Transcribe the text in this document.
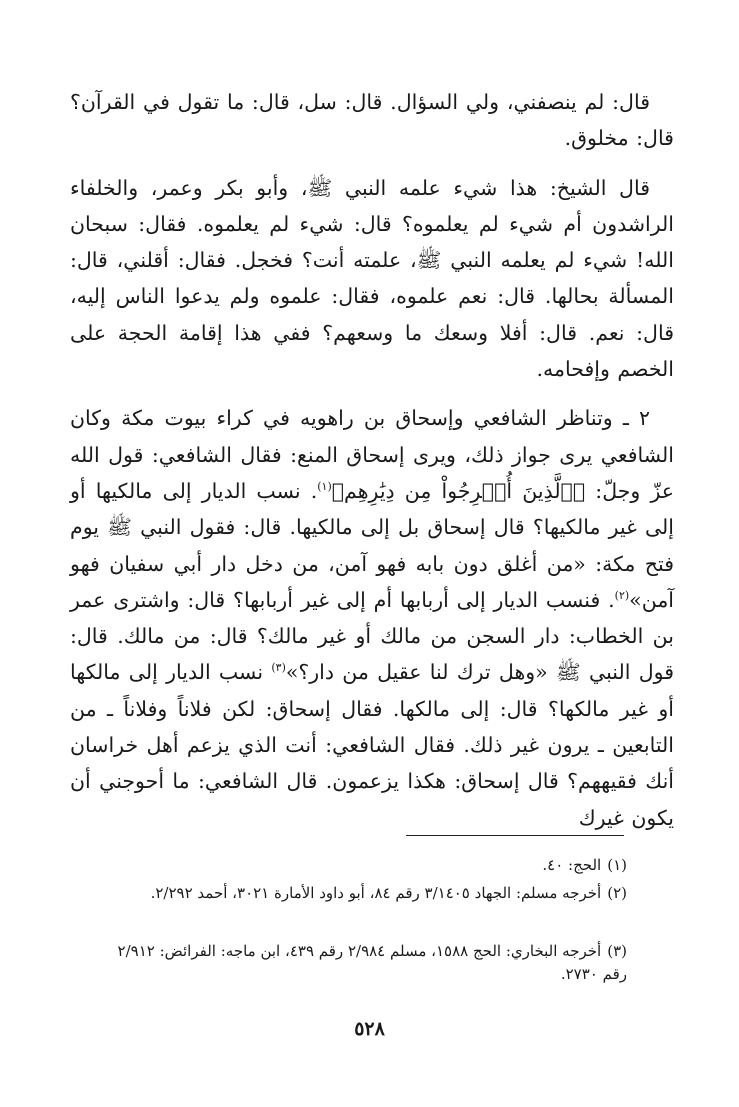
قال: لم ينصفني، ولي السؤال. قال: سل، قال: ما تقول في القرآن؟ قال: مخلوق.

قال الشيخ: هذا شيء علمه النبي ﷺ، وأبو بكر وعمر، والخلفاء الراشدون أم شيء لم يعلموه؟ قال: شيء لم يعلموه. فقال: سبحان الله! شيء لم يعلمه النبي ﷺ، علمته أنت؟ فخجل. فقال: أقلني، قال: المسألة بحالها. قال: نعم علموه، فقال: علموه ولم يدعوا الناس إليه، قال: نعم. قال: أفلا وسعك ما وسعهم؟ ففي هذا إقامة الحجة على الخصم وإفحامه.

٢ ـ وتناظر الشافعي وإسحاق بن راهويه في كراء بيوت مكة وكان الشافعي يرى جواز ذلك، ويرى إسحاق المنع: فقال الشافعي: قول الله عزّ وجلّ: ﴿ٱلَّذِينَ أُخۡرِجُواْ مِن دِيَٰرِهِم﴾$^{(١)}$. نسب الديار إلى مالكيها أو إلى غير مالكيها؟ قال إسحاق بل إلى مالكيها. قال: فقول النبي ﷺ يوم فتح مكة: «من أغلق دون بابه فهو آمن، من دخل دار أبي سفيان فهو آمن»$^{(٢)}$. فنسب الديار إلى أربابها أم إلى غير أربابها؟ قال: واشترى عمر بن الخطاب: دار السجن من مالك أو غير مالك؟ قال: من مالك. قال: قول النبي ﷺ «وهل ترك لنا عقيل من دار؟»$^{(٣)}$ نسب الديار إلى مالكها أو غير مالكها؟ قال: إلى مالكها. فقال إسحاق: لكن فلاناً وفلاناً ـ من التابعين ـ يرون غير ذلك. فقال الشافعي: أنت الذي يزعم أهل خراسان أنك فقيههم؟ قال إسحاق: هكذا يزعمون. قال الشافعي: ما أحوجني أن يكون غيرك

(١)الحج: ٤٠.

(٢)أخرجه مسلم: الجهاد ٣/١٤٠٥ رقم ٨٤، أبو داود الأمارة ٣٠٢١، أحمد ٢/٢٩٢.

(٣)أخرجه البخاري: الحج ١٥٨٨، مسلم ٢/٩٨٤ رقم ٤٣٩، ابن ماجه: الفرائض: ٢/٩١٢ رقم ٢٧٣٠.

٥٢٨
